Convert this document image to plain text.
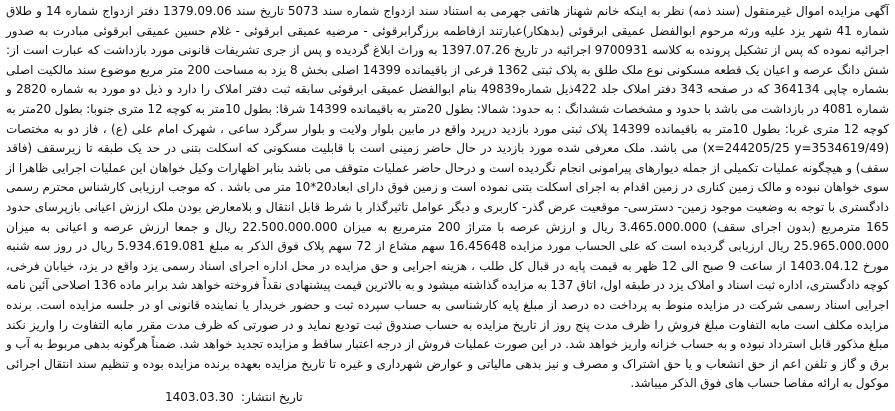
آگهی مزایده اموال غیرمنقول (سند ذمه) نظر به اینکه خانم شهناز هاتفی جهرمی به استناد سند ازدواج شماره سند 5073 تاریخ سند 1379.09.06 دفتر ازدواج شماره 14 و طلاق شماره 41 شهر یزد علیه ورثه مرحوم ابوالفضل عمیقی ابرقوئی (بدهکار)عبارتند ازفاطمه برزگرابرقوئی - مرضیه عمیقی ابرقوئی - غلام حسین عمیقی ابرقوئی مبادرت به صدور اجرائیه نموده که پس از تشکیل پرونده به کلاسه 9700931 اجرائیه در تاریخ 1397.07.26 به وراث ابلاغ گردیده و پس از جری تشریفات قانونی مورد بازداشت که عبارت است از: شش دانگ عرصه و اعیان یک قطعه مسکونی نوع ملک طلق به پلاک ثبتی 1362 فرعی از باقیمانده 14399 اصلی بخش 8 یزد به مساحت 200 متر مربع موضوع سند مالکیت اصلی بشماره چاپی 364134 که در صفحه 343 دفتر املاک جلد 422ذیل شماره49839 بنام ابوالفضل عمیقی ابرقوئی سابقه ثبت دفتر املاک را دارد و ذیل دو مورد به شماره 2820 و شماره 4081 در بازداشت می باشد با حدود و مشخصات ششدانگ : به حدود: شمالا: بطول 20متر به باقیمانده 14399 شرقا: بطول 10متر به کوچه 12 متری جنوبا: بطول 20متر به کوچه 12 متری غربا: بطول 10متر به باقیمانده 14399 پلاک ثبتی مورد بازدید درپرد واقع در مابین بلوار ولایت و بلوار سرگرد ساعی ، شهرک امام علی (ع) ، فاز دو به مختصات (x=244205/25 y=3534619/49) می باشد. ملک معرفی شده مورد بازدید در حال حاضر زمینی است با قابلیت مسکونی که اسکلت بتنی در حد یک طبقه تا زیرسقف (فاقد سقف) و هیچگونه عملیات تکمیلی از جمله دیوارهای پیرامونی انجام نگردیده است و درحال حاضر عملیات متوقف می باشد بنابر اظهارات وکیل خواهان این عملیات اجرایی ظاهرا از سوی خواهان نبوده و مالک زمین کناری در زمین اقدام به اجرای اسکلت بتنی نموده است و زمین فوق دارای ابعاد20*10 متر می باشد . که موجب ارزیابی کارشناس محترم رسمی دادگستری با توجه به وضعیت موجود زمین- دسترسی- موقعیت عرض گذر- کاربری و دیگر عوامل تاثیرگذار با شرط قابل انتقال و بلامعارض بودن ملک ارزش اعیانی بازپرسای حدود 165 مترمربع (بدون اجرای سقف) 3.465.000.000 ریال و ارزش عرصه با متراژ 200 مترمربع به میزان 22.500.000.000 ریال و جمعا ارزش عرصه و اعیانی به میزان 25.965.000.000 ریال ارزیابی گردیده است که علی الحساب مورد مزایده 16.45648 سهم مشاع از 72 سهم پلاک فوق الذکر به مبلغ 5.934.619.081 ریال در روز سه شنبه مورخ 1403.04.12 از ساعت 9 صبح الی 12 ظهر به قیمت پایه در قبال کل طلب ، هزینه اجرایی و حق مزایده در محل اداره اجرای اسناد رسمی یزد واقع در یزد، خیابان فرخی، کوچه دادگستری، اداره ثبت اسناد و املاک یزد در طبقه اول، اتاق 137 به مزایده گذاشته میشود و به بالاترین قیمت پیشنهادی نقداً فروخته خواهد شد برابر ماده 136 اصلاحی آئین نامه اجرایی اسناد رسمی شرکت در مزایده منوط به پرداخت ده درصد از مبلغ پایه کارشناسی به حساب سپرده ثبت و حضور خریدار یا نماینده قانونی او در جلسه مزایده است. برنده مزایده مکلف است مابه التفاوت مبلغ فروش را ظرف مدت پنج روز از تاریخ مزایده به حساب صندوق ثبت تودیع نماید و در صورتی که ظرف مدت مقرر مابه التفاوت را واریز نکند مبلغ مذکور قابل استرداد نبوده و به حساب خزانه واریز خواهد شد. در این صورت عملیات فروش از درجه اعتبار ساقط و مزایده تجدید خواهد شد. ضمناً هرگونه بدهی مربوط به آب و برق و گاز و تلفن اعم از حق انشعاب و یا حق اشتراک و مصرف و نیز بدهی مالیاتی و عوارض شهرداری و غیره تا تاریخ مزایده بعهده برنده مزایده بوده و تنظیم سند انتقال اجرائی موکول به ارائه مفاصا حساب های فوق الذکر میباشد.

تاریخ انتشار: 1403.03.30
